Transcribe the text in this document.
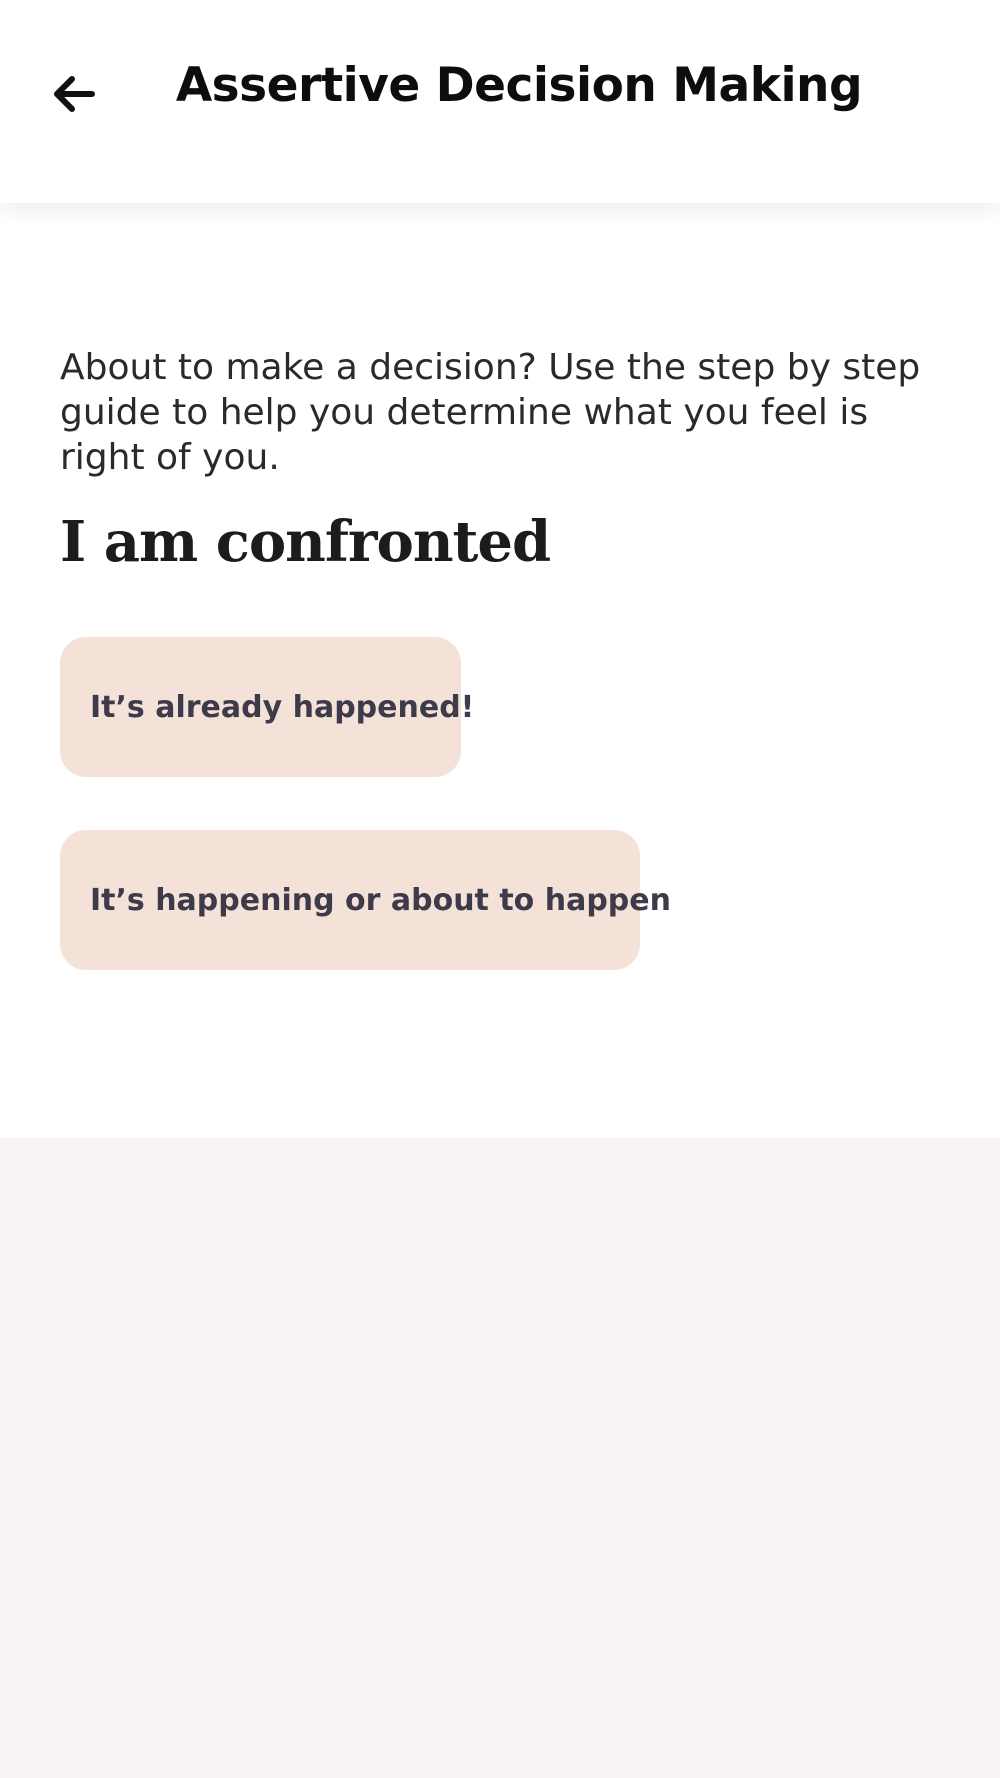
Assertive Decision Making

About to make a decision? Use the step by step guide to help you determine what you feel is right of you.

I am confronted
It’s already happened!
It’s happening or about to happen
